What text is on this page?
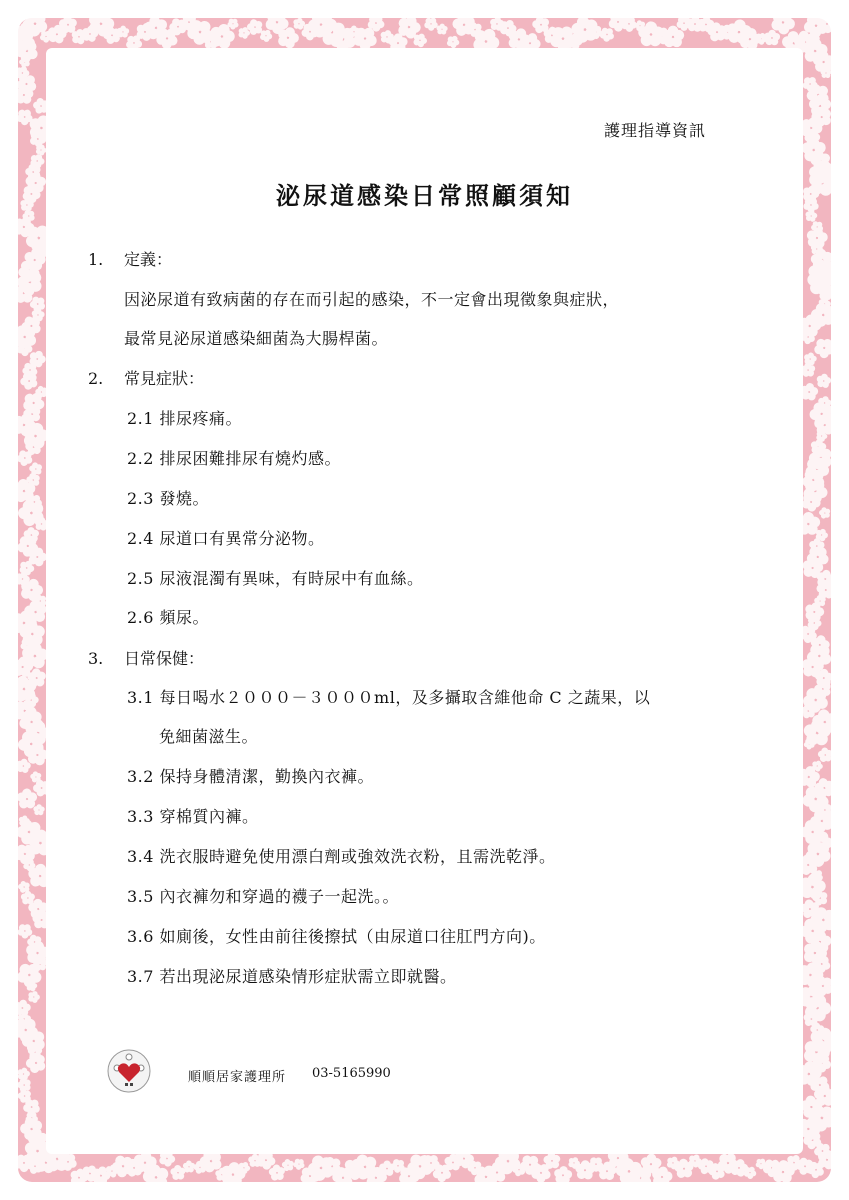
護理指導資訊
泌尿道感染日常照顧須知
1. 定義：
因泌尿道有致病菌的存在而引起的感染，不一定會出現徵象與症狀，
最常見泌尿道感染細菌為大腸桿菌。
2. 常見症狀：
2.1 排尿疼痛。
2.2 排尿困難排尿有燒灼感。
2.3 發燒。
2.4 尿道口有異常分泌物。
2.5 尿液混濁有異味，有時尿中有血絲。
2.6 頻尿。
3. 日常保健：
3.1 每日喝水２０００－３０００ml，及多攝取含維他命 C 之蔬果，以
免細菌滋生。
3.2 保持身體清潔，勤換內衣褲。
3.3 穿棉質內褲。
3.4 洗衣服時避免使用漂白劑或強效洗衣粉，且需洗乾淨。
3.5 內衣褲勿和穿過的襪子一起洗。。
3.6 如廁後，女性由前往後擦拭（由尿道口往肛門方向)。
3.7 若出現泌尿道感染情形症狀需立即就醫。
順順居家護理所 03-5165990
